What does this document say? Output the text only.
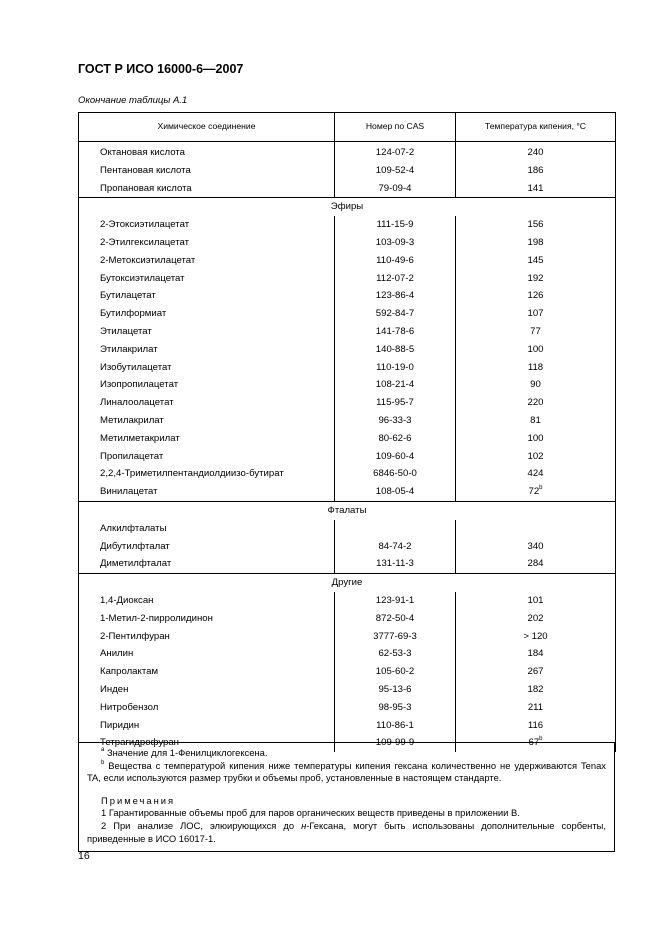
ГОСТ Р ИСО 16000-6—2007
Окончание таблицы А.1
Химическое соединение	Номер по CAS	Температура кипения, °С
Октановая кислота	124-07-2	240
Пентановая кислота	109-52-4	186
Пропановая кислота	79-09-4	141
Эфиры		
2-Этоксиэтилацетат	111-15-9	156
2-Этилгексилацетат	103-09-3	198
2-Метоксиэтилацетат	110-49-6	145
Бутоксиэтилацетат	112-07-2	192
Бутилацетат	123-86-4	126
Бутилформиат	592-84-7	107
Этилацетат	141-78-6	77
Этилакрилат	140-88-5	100
Изобутилацетат	110-19-0	118
Изопропилацетат	108-21-4	90
Линалоолацетат	115-95-7	220
Метилакрилат	96-33-3	81
Метилметакрилат	80-62-6	100
Пропилацетат	109-60-4	102
2,2,4-Триметилпентандиолдиизо-бутират	6846-50-0	424
Винилацетат	108-05-4	72$^b$
Фталаты		
Алкилфталаты		
Дибутилфталат	84-74-2	340
Диметилфталат	131-11-3	284
Другие		
1,4-Диоксан	123-91-1	101
1-Метил-2-пирролидинон	872-50-4	202
2-Пентилфуран	3777-69-3	> 120
Анилин	62-53-3	184
Капролактам	105-60-2	267
Инден	95-13-6	182
Нитробензол	98-95-3	211
Пиридин	110-86-1	116
Тетрагидрофуран	109-99-9	67$^b$

$^a$ Значение для 1-Фенилциклогексена.

$^b$ Вещества с температурой кипения ниже температуры кипения гексана количественно не удерживаются Tenax TA, если используются размер трубки и объемы проб, установленные в настоящем стандарте.

Примечания

1 Гарантированные объемы проб для паров органических веществ приведены в приложении В.

2 При анализе ЛОС, элюирующихся до н-Гексана, могут быть использованы дополнительные сорбенты, приведенные в ИСО 16017-1.

16
